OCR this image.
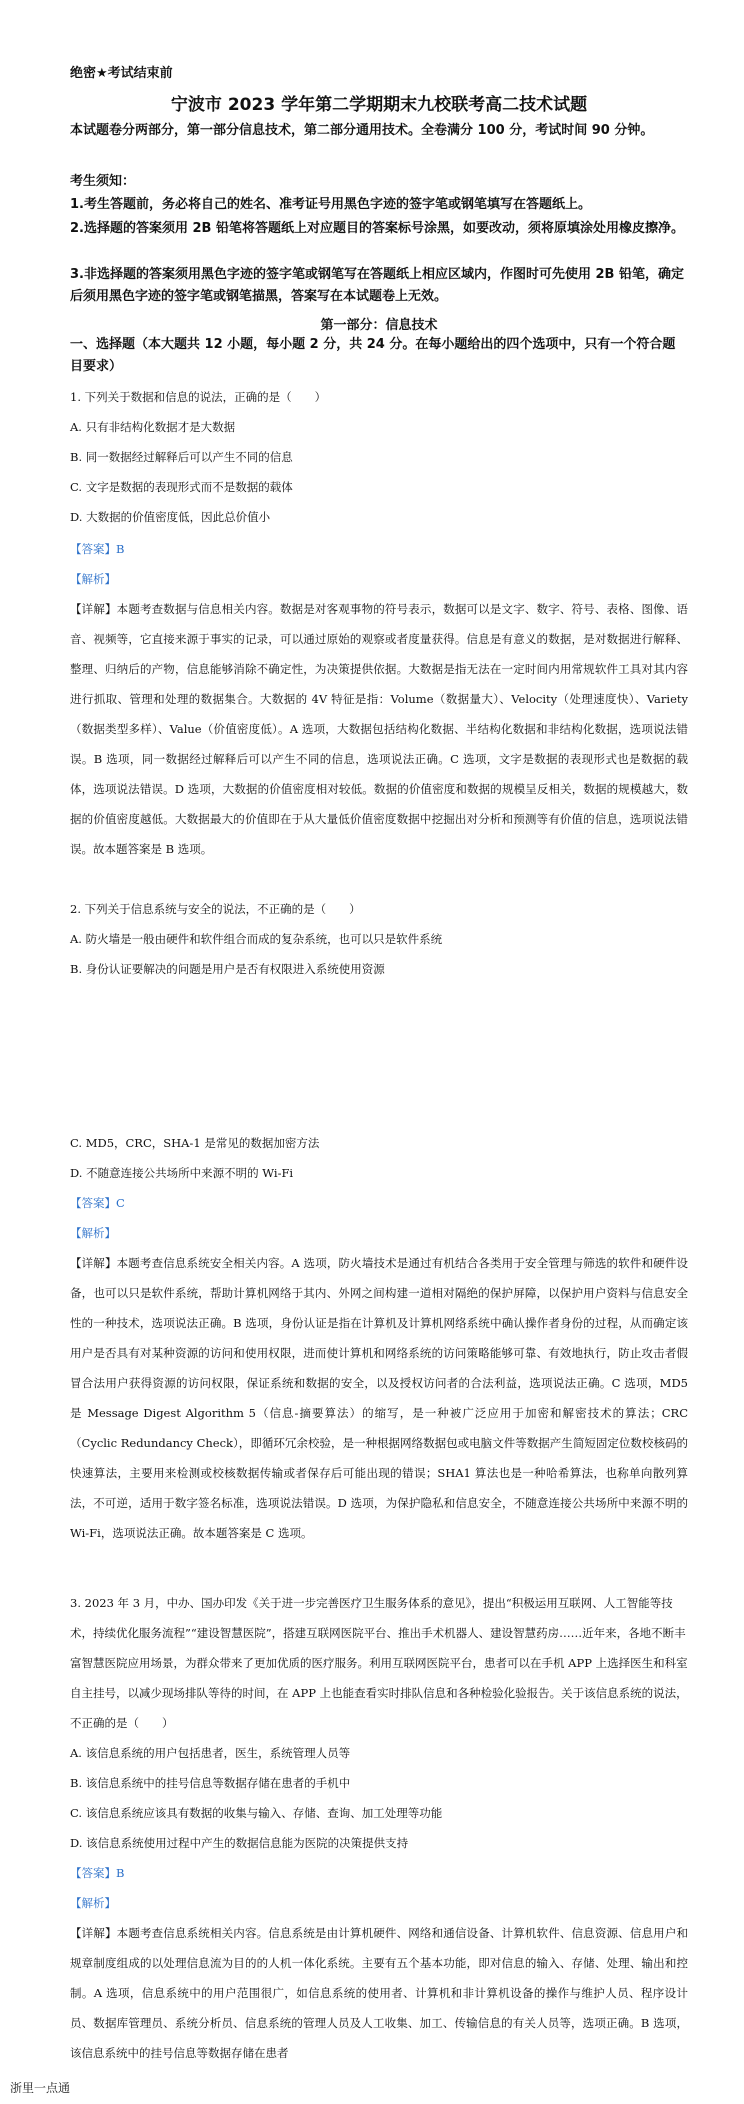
绝密★考试结束前
宁波市 2023 学年第二学期期末九校联考高二技术试题
本试题卷分两部分，第一部分信息技术，第二部分通用技术。全卷满分 100 分，考试时间 90 分钟。
考生须知：
1.考生答题前，务必将自己的姓名、准考证号用黑色字迹的签字笔或钢笔填写在答题纸上。
2.选择题的答案须用 2B 铅笔将答题纸上对应题目的答案标号涂黑，如要改动，须将原填涂处用橡皮擦净。
3.非选择题的答案须用黑色字迹的签字笔或钢笔写在答题纸上相应区域内，作图时可先使用 2B 铅笔，确定后须用黑色字迹的签字笔或钢笔描黑，答案写在本试题卷上无效。
第一部分：信息技术
一、选择题（本大题共 12 小题，每小题 2 分，共 24 分。在每小题给出的四个选项中，只有一个符合题目要求）
1. 下列关于数据和信息的说法，正确的是（　　）
A. 只有非结构化数据才是大数据
B. 同一数据经过解释后可以产生不同的信息
C. 文字是数据的表现形式而不是数据的载体
D. 大数据的价值密度低，因此总价值小
【答案】B
【解析】
【详解】本题考查数据与信息相关内容。数据是对客观事物的符号表示，数据可以是文字、数字、符号、表格、图像、语音、视频等，它直接来源于事实的记录，可以通过原始的观察或者度量获得。信息是有意义的数据，是对数据进行解释、整理、归纳后的产物，信息能够消除不确定性，为决策提供依据。大数据是指无法在一定时间内用常规软件工具对其内容进行抓取、管理和处理的数据集合。大数据的 4V 特征是指：Volume（数据量大）、Velocity（处理速度快）、Variety（数据类型多样）、Value（价值密度低）。A 选项，大数据包括结构化数据、半结构化数据和非结构化数据，选项说法错误。B 选项，同一数据经过解释后可以产生不同的信息，选项说法正确。C 选项，文字是数据的表现形式也是数据的载体，选项说法错误。D 选项，大数据的价值密度相对较低。数据的价值密度和数据的规模呈反相关，数据的规模越大，数据的价值密度越低。大数据最大的价值即在于从大量低价值密度数据中挖掘出对分析和预测等有价值的信息，选项说法错误。故本题答案是 B 选项。
2. 下列关于信息系统与安全的说法，不正确的是（　　）
A. 防火墙是一般由硬件和软件组合而成的复杂系统，也可以只是软件系统
B. 身份认证要解决的问题是用户是否有权限进入系统使用资源
C. MD5，CRC，SHA-1 是常见的数据加密方法
D. 不随意连接公共场所中来源不明的 Wi-Fi
【答案】C
【解析】
【详解】本题考查信息系统安全相关内容。A 选项，防火墙技术是通过有机结合各类用于安全管理与筛选的软件和硬件设备，也可以只是软件系统，帮助计算机网络于其内、外网之间构建一道相对隔绝的保护屏障，以保护用户资料与信息安全性的一种技术，选项说法正确。B 选项，身份认证是指在计算机及计算机网络系统中确认操作者身份的过程，从而确定该用户是否具有对某种资源的访问和使用权限，进而使计算机和网络系统的访问策略能够可靠、有效地执行，防止攻击者假冒合法用户获得资源的访问权限，保证系统和数据的安全，以及授权访问者的合法利益，选项说法正确。C 选项，MD5 是 Message Digest Algorithm 5（信息-摘要算法）的缩写，是一种被广泛应用于加密和解密技术的算法；CRC（Cyclic Redundancy Check），即循环冗余校验，是一种根据网络数据包或电脑文件等数据产生简短固定位数校核码的快速算法，主要用来检测或校核数据传输或者保存后可能出现的错误；SHA1 算法也是一种哈希算法，也称单向散列算法，不可逆，适用于数字签名标准，选项说法错误。D 选项，为保护隐私和信息安全，不随意连接公共场所中来源不明的 Wi-Fi，选项说法正确。故本题答案是 C 选项。
3. 2023 年 3 月，中办、国办印发《关于进一步完善医疗卫生服务体系的意见》，提出“积极运用互联网、人工智能等技术，持续优化服务流程”“建设智慧医院”，搭建互联网医院平台、推出手术机器人、建设智慧药房……近年来，各地不断丰富智慧医院应用场景，为群众带来了更加优质的医疗服务。利用互联网医院平台，患者可以在手机 APP 上选择医生和科室自主挂号，以减少现场排队等待的时间，在 APP 上也能查看实时排队信息和各种检验化验报告。关于该信息系统的说法，不正确的是（　　）
A. 该信息系统的用户包括患者，医生，系统管理人员等
B. 该信息系统中的挂号信息等数据存储在患者的手机中
C. 该信息系统应该具有数据的收集与输入、存储、查询、加工处理等功能
D. 该信息系统使用过程中产生的数据信息能为医院的决策提供支持
【答案】B
【解析】
【详解】本题考查信息系统相关内容。信息系统是由计算机硬件、网络和通信设备、计算机软件、信息资源、信息用户和规章制度组成的以处理信息流为目的的人机一体化系统。主要有五个基本功能，即对信息的输入、存储、处理、输出和控制。A 选项，信息系统中的用户范围很广，如信息系统的使用者、计算机和非计算机设备的操作与维护人员、程序设计员、数据库管理员、系统分析员、信息系统的管理人员及人工收集、加工、传输信息的有关人员等，选项正确。B 选项，该信息系统中的挂号信息等数据存储在患者
浙里一点通
